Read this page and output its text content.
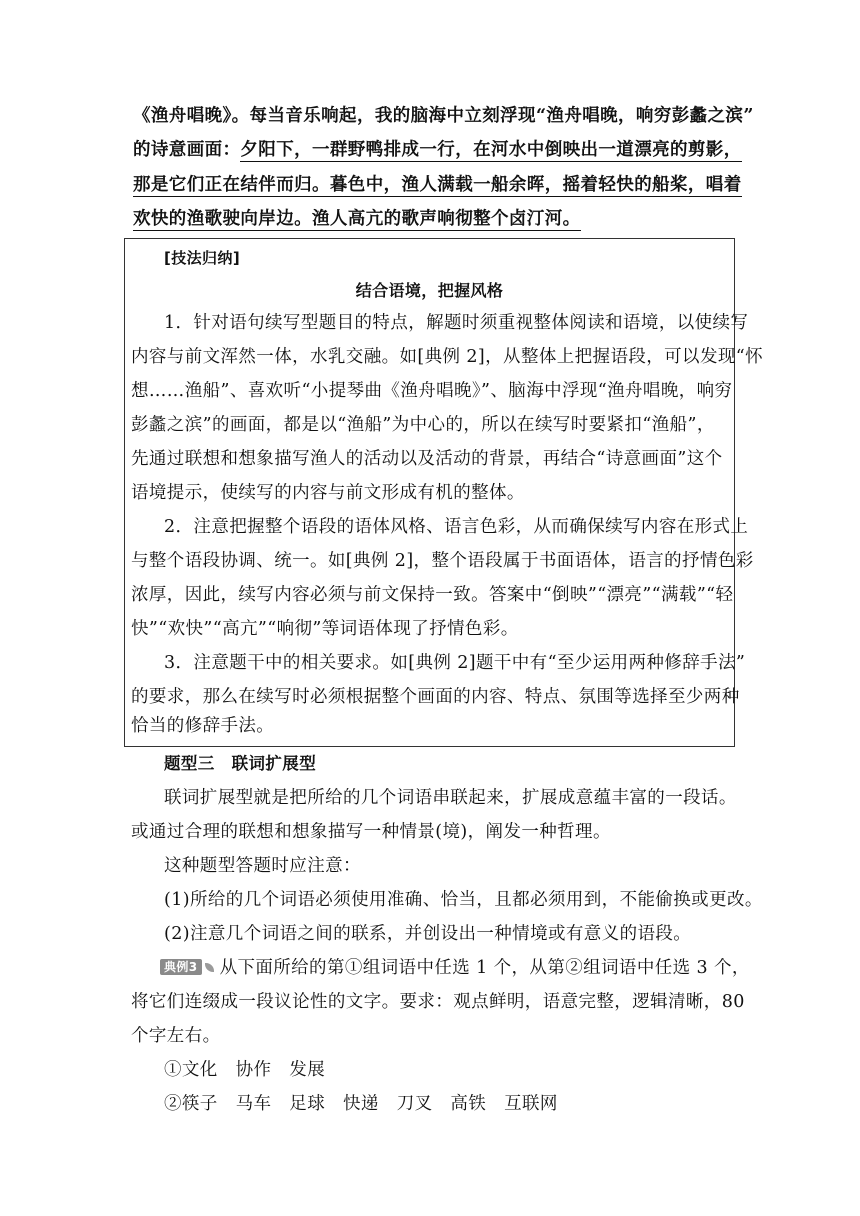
《渔舟唱晚》。每当音乐响起，我的脑海中立刻浮现“渔舟唱晚，响穷彭蠡之滨”
的诗意画面：夕阳下，一群野鸭排成一行，在河水中倒映出一道漂亮的剪影，
那是它们正在结伴而归。暮色中，渔人满载一船余晖，摇着轻快的船桨，唱着
欢快的渔歌驶向岸边。渔人高亢的歌声响彻整个卤汀河。
[技法归纳]
结合语境，把握风格
1．针对语句续写型题目的特点，解题时须重视整体阅读和语境，以使续写
内容与前文浑然一体，水乳交融。如[典例 2]，从整体上把握语段，可以发现“怀
想……渔船”、喜欢听“小提琴曲《渔舟唱晚》”、脑海中浮现“渔舟唱晚，响穷
彭蠡之滨”的画面，都是以“渔船”为中心的，所以在续写时要紧扣“渔船”，
先通过联想和想象描写渔人的活动以及活动的背景，再结合“诗意画面”这个
语境提示，使续写的内容与前文形成有机的整体。
2．注意把握整个语段的语体风格、语言色彩，从而确保续写内容在形式上
与整个语段协调、统一。如[典例 2]，整个语段属于书面语体，语言的抒情色彩
浓厚，因此，续写内容必须与前文保持一致。答案中“倒映”“漂亮”“满载”“轻
快”“欢快”“高亢”“响彻”等词语体现了抒情色彩。
3．注意题干中的相关要求。如[典例 2]题干中有“至少运用两种修辞手法”
的要求，那么在续写时必须根据整个画面的内容、特点、氛围等选择至少两种
恰当的修辞手法。
题型三　联词扩展型
联词扩展型就是把所给的几个词语串联起来，扩展成意蕴丰富的一段话。
或通过合理的联想和想象描写一种情景(境)，阐发一种哲理。
这种题型答题时应注意：
(1)所给的几个词语必须使用准确、恰当，且都必须用到，不能偷换或更改。
(2)注意几个词语之间的联系，并创设出一种情境或有意义的语段。
典例3 从下面所给的第①组词语中任选 1 个，从第②组词语中任选 3 个，
将它们连缀成一段议论性的文字。要求：观点鲜明，语意完整，逻辑清晰，80
个字左右。
①文化　协作　发展
②筷子　马车　足球　快递　刀叉　高铁　互联网
